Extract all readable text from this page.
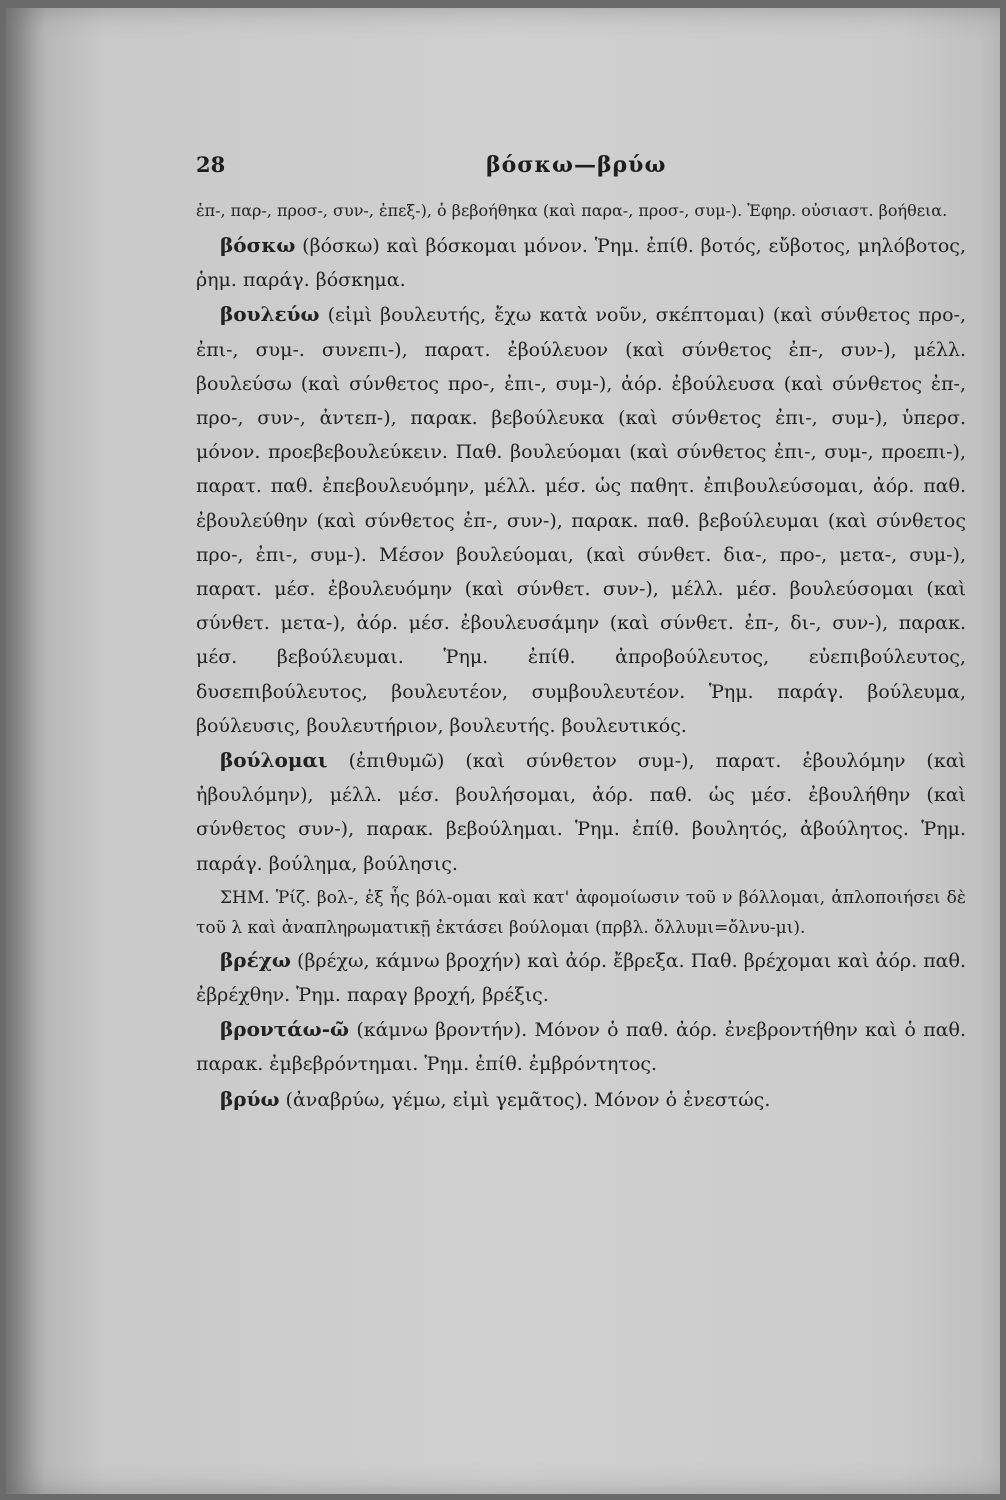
28	βόσκω—βρύω

ἐπ-, παρ-, προσ-, συν-, ἐπεξ-), ὁ βεβοήθηκα (καὶ παρα-, προσ-, συμ-). Ἐφηρ. οὐσιαστ. βοήθεια.

βόσκω (βόσκω) καὶ βόσκομαι μόνον. Ῥημ. ἐπίθ. βοτός, εὔβοτος, μηλόβοτος, ῥημ. παράγ. βόσκημα.

βουλεύω (εἰμὶ βουλευτής, ἔχω κατὰ νοῦν, σκέπτομαι) (καὶ σύνθετος προ-, ἐπι-, συμ-. συνεπι-), παρατ. ἐβούλευον (καὶ σύνθετος ἐπ-, συν-), μέλλ. βουλεύσω (καὶ σύνθετος προ-, ἐπι-, συμ-), ἀόρ. ἐβούλευσα (καὶ σύνθετος ἐπ-, προ-, συν-, ἀντεπ-), παρακ. βεβούλευκα (καὶ σύνθετος ἐπι-, συμ-), ὑπερσ. μόνον. προεβεβουλεύκειν. Παθ. βουλεύομαι (καὶ σύνθετος ἐπι-, συμ-, προεπι-), παρατ. παθ. ἐπεβουλευόμην, μέλλ. μέσ. ὡς παθητ. ἐπιβουλεύσομαι, ἀόρ. παθ. ἐβουλεύθην (καὶ σύνθετος ἐπ-, συν-), παρακ. παθ. βεβούλευμαι (καὶ σύνθετος προ-, ἐπι-, συμ-). Μέσον βουλεύομαι, (καὶ σύνθετ. δια-, προ-, μετα-, συμ-), παρατ. μέσ. ἐβουλευόμην (καὶ σύνθετ. συν-), μέλλ. μέσ. βουλεύσομαι (καὶ σύνθετ. μετα-), ἀόρ. μέσ. ἐβουλευσάμην (καὶ σύνθετ. ἐπ-, δι-, συν-), παρακ. μέσ. βεβούλευμαι. Ῥημ. ἐπίθ. ἀπροβούλευτος, εὐεπιβούλευτος, δυσεπιβούλευτος, βουλευτέον, συμβουλευτέον. Ῥημ. παράγ. βούλευμα, βούλευσις, βουλευτήριον, βουλευτής. βουλευτικός.

βούλομαι (ἐπιθυμῶ) (καὶ σύνθετον συμ-), παρατ. ἐβουλόμην (καὶ ἠβουλόμην), μέλλ. μέσ. βουλήσομαι, ἀόρ. παθ. ὡς μέσ. ἐβουλήθην (καὶ σύνθετος συν-), παρακ. βεβούλημαι. Ῥημ. ἐπίθ. βουλητός, ἀβούλητος. Ῥημ. παράγ. βούλημα, βούλησις.

ΣΗΜ. Ῥίζ. βολ-, ἐξ ἧς βόλ-ομαι καὶ κατ' ἀφομοίωσιν τοῦ ν βόλλομαι, ἁπλοποιήσει δὲ τοῦ λ καὶ ἀναπληρωματικῇ ἐκτάσει βούλομαι (πρβλ. ὄλλυμι=ὄλνυ-μι).

βρέχω (βρέχω, κάμνω βροχήν) καὶ ἀόρ. ἔβρεξα. Παθ. βρέχομαι καὶ ἀόρ. παθ. ἐβρέχθην. Ῥημ. παραγ βροχή, βρέξις.

βροντάω-ῶ (κάμνω βροντήν). Μόνον ὁ παθ. ἀόρ. ἐνεβροντήθην καὶ ὁ παθ. παρακ. ἐμβεβρόντημαι. Ῥημ. ἐπίθ. ἐμβρόντητος.

βρύω (ἀναβρύω, γέμω, εἰμὶ γεμᾶτος). Μόνον ὁ ἐνεστώς.
